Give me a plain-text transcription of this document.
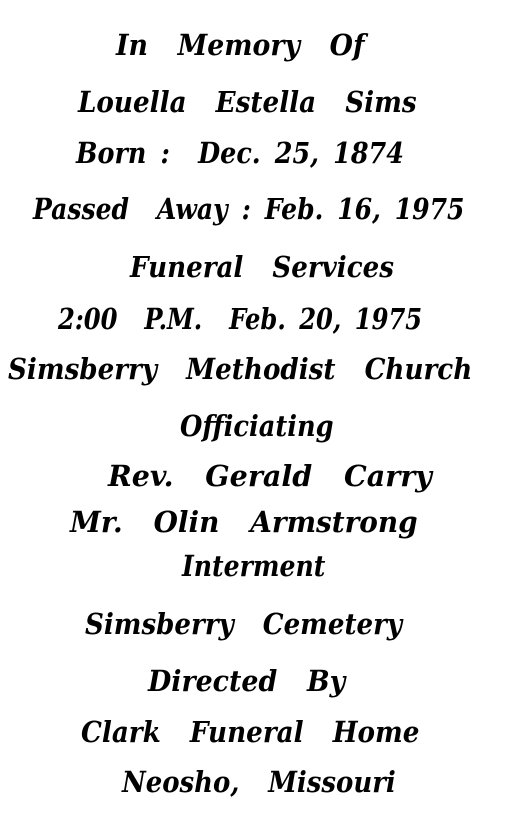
In  Memory  Of
Louella  Estella  Sims
Born :  Dec. 25, 1874
Passed  Away : Feb. 16, 1975
Funeral  Services
2:00  P.M.  Feb. 20, 1975
Simsberry  Methodist  Church
Officiating
Rev.  Gerald  Carry
Mr.  Olin  Armstrong
Interment
Simsberry  Cemetery
Directed  By
Clark  Funeral  Home
Neosho,  Missouri
